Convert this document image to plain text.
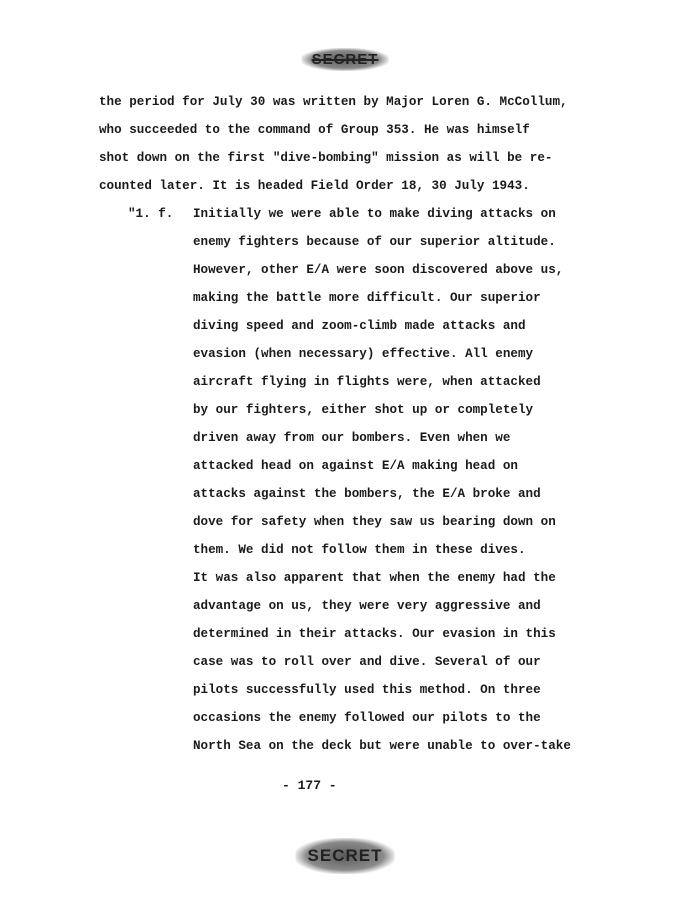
SECRET
the period for July 30 was written by Major Loren G. McCollum,
who succeeded to the command of Group 353. He was himself
shot down on the first "dive-bombing" mission as will be re-
counted later. It is headed Field Order 18, 30 July 1943.
"1. f. Initially we were able to make diving attacks on
enemy fighters because of our superior altitude.
However, other E/A were soon discovered above us,
making the battle more difficult. Our superior
diving speed and zoom-climb made attacks and
evasion (when necessary) effective. All enemy
aircraft flying in flights were, when attacked
by our fighters, either shot up or completely
driven away from our bombers. Even when we
attacked head on against E/A making head on
attacks against the bombers, the E/A broke and
dove for safety when they saw us bearing down on
them. We did not follow them in these dives.
It was also apparent that when the enemy had the
advantage on us, they were very aggressive and
determined in their attacks. Our evasion in this
case was to roll over and dive. Several of our
pilots successfully used this method. On three
occasions the enemy followed our pilots to the
North Sea on the deck but were unable to over-take
- 177 -
SECRET
